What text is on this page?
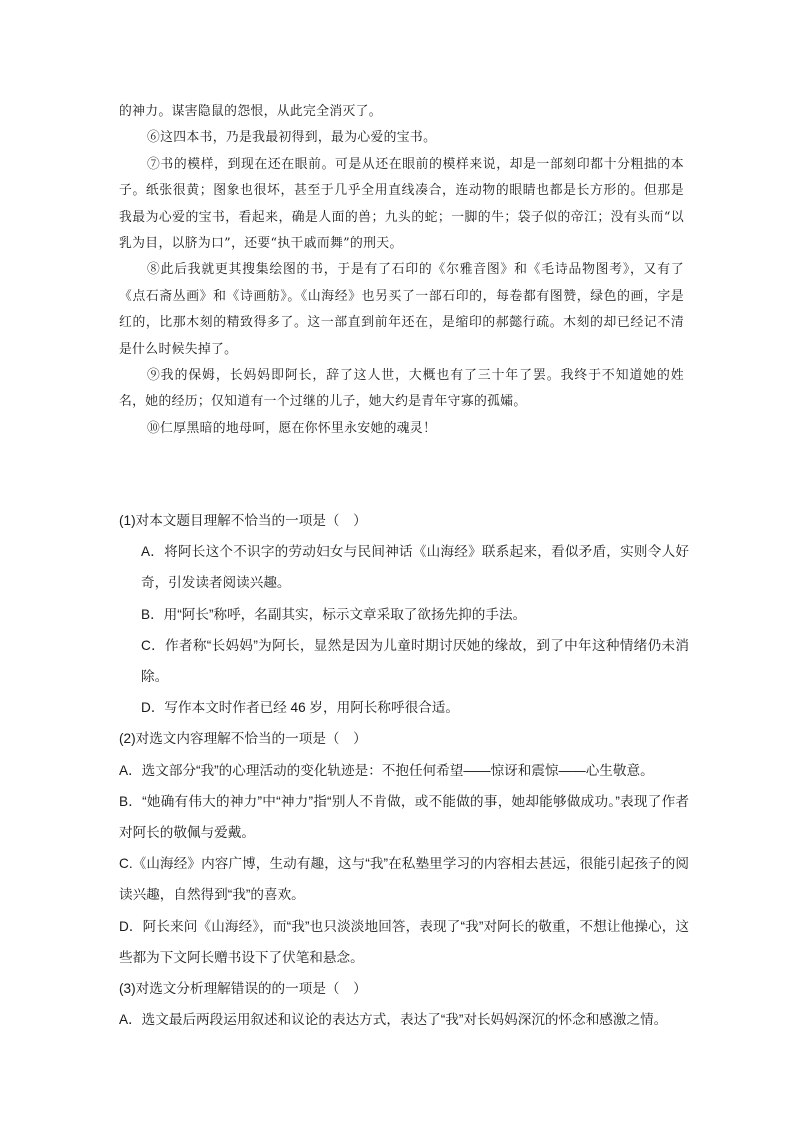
的神力。谋害隐鼠的怨恨，从此完全消灭了。

⑥这四本书，乃是我最初得到，最为心爱的宝书。

⑦书的模样，到现在还在眼前。可是从还在眼前的模样来说，却是一部刻印都十分粗拙的本子。纸张很黄；图象也很坏，甚至于几乎全用直线凑合，连动物的眼睛也都是长方形的。但那是我最为心爱的宝书，看起来，确是人面的兽；九头的蛇；一脚的牛；袋子似的帝江；没有头而“以乳为目，以脐为口”，还要“执干戚而舞”的刑天。

⑧此后我就更其搜集绘图的书，于是有了石印的《尔雅音图》和《毛诗品物图考》，又有了《点石斋丛画》和《诗画舫》。《山海经》也另买了一部石印的，每卷都有图赞，绿色的画，字是红的，比那木刻的精致得多了。这一部直到前年还在，是缩印的郝懿行疏。木刻的却已经记不清是什么时候失掉了。

⑨我的保姆，长妈妈即阿长，辞了这人世，大概也有了三十年了罢。我终于不知道她的姓名，她的经历；仅知道有一个过继的儿子，她大约是青年守寡的孤孀。

⑩仁厚黑暗的地母呵，愿在你怀里永安她的魂灵！

(1)对本文题目理解不恰当的一项是（　）
A．将阿长这个不识字的劳动妇女与民间神话《山海经》联系起来，看似矛盾，实则令人好奇，引发读者阅读兴趣。
B．用“阿长”称呼，名副其实，标示文章采取了欲扬先抑的手法。
C．作者称“长妈妈”为阿长，显然是因为儿童时期讨厌她的缘故，到了中年这种情绪仍未消除。
D．写作本文时作者已经 46 岁，用阿长称呼很合适。
(2)对选文内容理解不恰当的一项是（　）
A．选文部分“我”的心理活动的变化轨迹是：不抱任何希望——惊讶和震惊——心生敬意。
B．“她确有伟大的神力”中“神力”指“别人不肯做，或不能做的事，她却能够做成功。”表现了作者对阿长的敬佩与爱戴。
C.《山海经》内容广博，生动有趣，这与“我”在私塾里学习的内容相去甚远，很能引起孩子的阅读兴趣，自然得到“我”的喜欢。
D．阿长来问《山海经》，而“我”也只淡淡地回答，表现了“我”对阿长的敬重，不想让他操心，这些都为下文阿长赠书设下了伏笔和悬念。
(3)对选文分析理解错误的的一项是（　）
A．选文最后两段运用叙述和议论的表达方式，表达了“我”对长妈妈深沉的怀念和感激之情。
